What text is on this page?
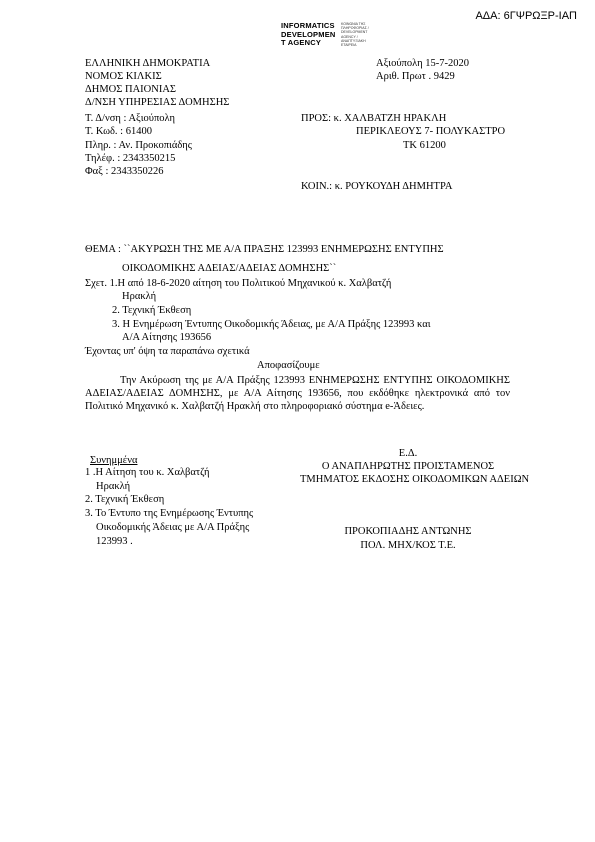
ΑΔΑ: 6ΓΨΡΩΞΡ-ΙΑΠ
INFORMATICS
DEVELOPMEN
T AGENCY
ΚΟΙΝΩΝΙΑ ΤΗΣ ΠΛΗΡΟΦΟΡΙΑΣ / DEVELOPMENT AGENCY / ΑΝΑΠΤΥΞΙΑΚΗ ΕΤΑΙΡΕΙΑ
ΕΛΛΗΝΙΚΗ ΔΗΜΟΚΡΑΤΙΑ
ΝΟΜΟΣ ΚΙΛΚΙΣ
ΔΗΜΟΣ ΠΑΙΟΝΙΑΣ
Δ/ΝΣΗ ΥΠΗΡΕΣΙΑΣ ΔΟΜΗΣΗΣ
Αξιούπολη 15-7-2020
Αριθ. Πρωτ . 9429
Τ. Δ/νση : Αξιούπολη
Τ. Κωδ. : 61400
Πληρ. : Αν. Προκοπιάδης
Τηλέφ. : 2343350215
Φαξ : 2343350226
ΠΡΟΣ: κ. ΧΑΛΒΑΤΖΗ ΗΡΑΚΛΗ
ΠΕΡΙΚΛΕΟΥΣ 7- ΠΟΛΥΚΑΣΤΡΟ
ΤΚ 61200
ΚΟΙΝ.: κ. ΡΟΥΚΟΥΔΗ ΔΗΜΗΤΡΑ
ΘΕΜΑ : ``ΑΚΥΡΩΣΗ ΤΗΣ ΜΕ Α/Α ΠΡΑΞΗΣ 123993 ΕΝΗΜΕΡΩΣΗΣ ΕΝΤΥΠΗΣ
ΟΙΚΟΔΟΜΙΚΗΣ ΑΔΕΙΑΣ/ΑΔΕΙΑΣ ΔΟΜΗΣΗΣ``
Σχετ. 1.Η από 18-6-2020 αίτηση του Πολιτικού Μηχανικού κ. Χαλβατζή
Ηρακλή
2. Τεχνική Έκθεση
3. Η Ενημέρωση Έντυπης Οικοδομικής Άδειας, με Α/Α Πράξης 123993 και
Α/Α Αίτησης 193656
Έχοντας υπ' όψη τα παραπάνω σχετικά
Αποφασίζουμε
Την Ακύρωση της με Α/Α Πράξης 123993 ΕΝΗΜΕΡΩΣΗΣ ΕΝΤΥΠΗΣ ΟΙΚΟΔΟΜΙΚΗΣ ΑΔΕΙΑΣ/ΑΔΕΙΑΣ ΔΟΜΗΣΗΣ, με Α/Α Αίτησης 193656, που εκδόθηκε ηλεκτρονικά από τον Πολιτικό Μηχανικό κ. Χαλβατζή Ηρακλή στο πληροφοριακό σύστημα e-Άδειες.
Συνημμένα
1 .Η Αίτηση του κ. Χαλβατζή
Ηρακλή
2. Τεχνική Έκθεση
3. Το Έντυπο της Ενημέρωσης Έντυπης
Οικοδομικής Άδειας με Α/Α Πράξης
123993 .
Ε.Δ.
Ο ΑΝΑΠΛΗΡΩΤΗΣ ΠΡΟΙΣΤΑΜΕΝΟΣ
ΤΜΗΜΑΤΟΣ ΕΚΔΟΣΗΣ ΟΙΚΟΔΟΜΙΚΩΝ ΑΔΕΙΩΝ
ΠΡΟΚΟΠΙΑΔΗΣ ΑΝΤΩΝΗΣ
ΠΟΛ. ΜΗΧ/ΚΟΣ Τ.Ε.
